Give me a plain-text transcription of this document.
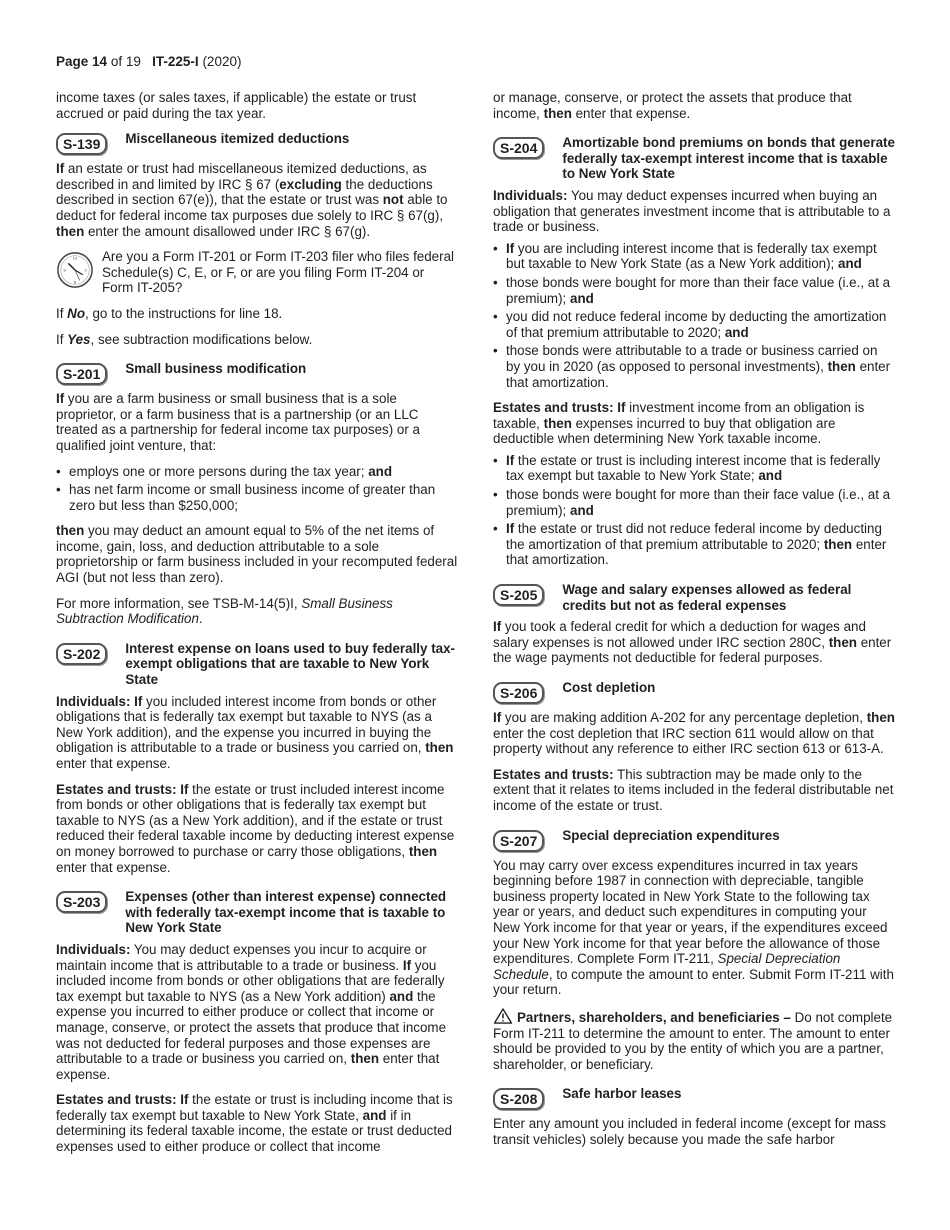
Page 14 of 19 IT-225-I (2020)

income taxes (or sales taxes, if applicable) the estate or trust accrued or paid during the tax year.

S-139	Miscellaneous itemized deductions

If an estate or trust had miscellaneous itemized deductions, as described in and limited by IRC § 67 (excluding the deductions described in section 67(e)), that the estate or trust was not able to deduct for federal income tax purposes due solely to IRC § 67(g), then enter the amount disallowed under IRC § 67(g).

12
3
6
9
Are you a Form IT-201 or Form IT-203 filer who files federal Schedule(s) C, E, or F, or are you filing Form IT-204 or Form IT-205?

If No, go to the instructions for line 18.

If Yes, see subtraction modifications below.

S-201	Small business modification

If you are a farm business or small business that is a sole proprietor, or a farm business that is a partnership (or an LLC treated as a partnership for federal income tax purposes) or a qualified joint venture, that:

• employs one or more persons during the tax year; and
• has net farm income or small business income of greater than zero but less than $250,000;

then you may deduct an amount equal to 5% of the net items of income, gain, loss, and deduction attributable to a sole proprietorship or farm business included in your recomputed federal AGI (but not less than zero).

For more information, see TSB-M-14(5)I, Small Business Subtraction Modification.

S-202	Interest expense on loans used to buy federally tax-exempt obligations that are taxable to New York State

Individuals: If you included interest income from bonds or other obligations that is federally tax exempt but taxable to NYS (as a New York addition), and the expense you incurred in buying the obligation is attributable to a trade or business you carried on, then enter that expense.

Estates and trusts: If the estate or trust included interest income from bonds or other obligations that is federally tax exempt but taxable to NYS (as a New York addition), and if the estate or trust reduced their federal taxable income by deducting interest expense on money borrowed to purchase or carry those obligations, then enter that expense.

S-203	Expenses (other than interest expense) connected with federally tax-exempt income that is taxable to New York State

Individuals: You may deduct expenses you incur to acquire or maintain income that is attributable to a trade or business. If you included income from bonds or other obligations that are federally tax exempt but taxable to NYS (as a New York addition) and the expense you incurred to either produce or collect that income or manage, conserve, or protect the assets that produce that income was not deducted for federal purposes and those expenses are attributable to a trade or business you carried on, then enter that expense.

Estates and trusts: If the estate or trust is including income that is federally tax exempt but taxable to New York State, and if in determining its federal taxable income, the estate or trust deducted expenses used to either produce or collect that income

or manage, conserve, or protect the assets that produce that income, then enter that expense.

S-204	Amortizable bond premiums on bonds that generate federally tax-exempt interest income that is taxable to New York State

Individuals: You may deduct expenses incurred when buying an obligation that generates investment income that is attributable to a trade or business.

• If you are including interest income that is federally tax exempt but taxable to New York State (as a New York addition); and
• those bonds were bought for more than their face value (i.e., at a premium); and
• you did not reduce federal income by deducting the amortization of that premium attributable to 2020; and
• those bonds were attributable to a trade or business carried on by you in 2020 (as opposed to personal investments), then enter that amortization.

Estates and trusts: If investment income from an obligation is taxable, then expenses incurred to buy that obligation are deductible when determining New York taxable income.

• If the estate or trust is including interest income that is federally tax exempt but taxable to New York State; and
• those bonds were bought for more than their face value (i.e., at a premium); and
• If the estate or trust did not reduce federal income by deducting the amortization of that premium attributable to 2020; then enter that amortization.
S-205	Wage and salary expenses allowed as federal credits but not as federal expenses

If you took a federal credit for which a deduction for wages and salary expenses is not allowed under IRC section 280C, then enter the wage payments not deductible for federal purposes.

S-206	Cost depletion

If you are making addition A-202 for any percentage depletion, then enter the cost depletion that IRC section 611 would allow on that property without any reference to either IRC section 613 or 613-A.

Estates and trusts: This subtraction may be made only to the extent that it relates to items included in the federal distributable net income of the estate or trust.

S-207	Special depreciation expenditures

You may carry over excess expenditures incurred in tax years beginning before 1987 in connection with depreciable, tangible business property located in New York State to the following tax year or years, and deduct such expenditures in computing your New York income for that year or years, if the expenditures exceed your New York income for that year before the allowance of those expenditures. Complete Form IT-211, Special Depreciation Schedule, to compute the amount to enter. Submit Form IT-211 with your return.

Partners, shareholders, and beneficiaries – Do not complete Form IT-211 to determine the amount to enter. The amount to enter should be provided to you by the entity of which you are a partner, shareholder, or beneficiary.

S-208	Safe harbor leases

Enter any amount you included in federal income (except for mass transit vehicles) solely because you made the safe harbor
